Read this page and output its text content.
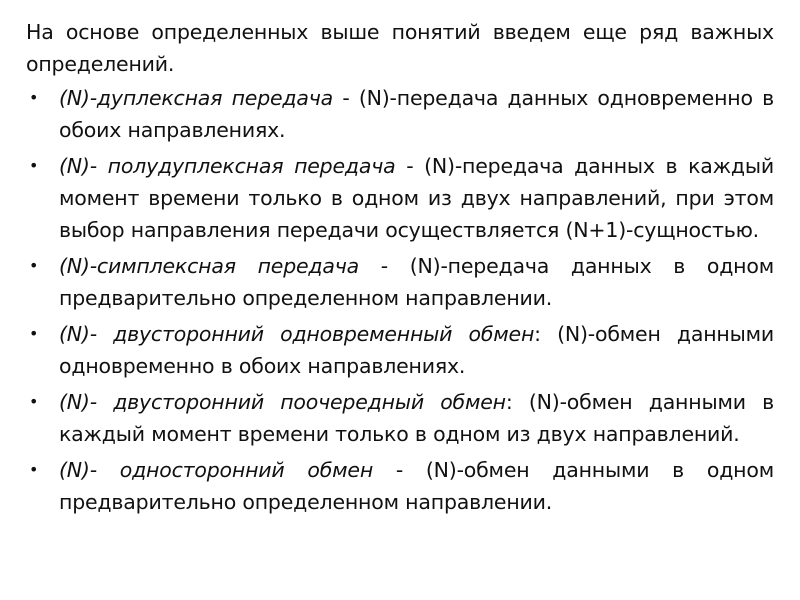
На основе определенных выше понятий введем еще ряд важных определений.

• (N)-дуплексная передача - (N)-передача данных одновременно в обоих направлениях.
• (N)- полудуплексная передача - (N)-передача данных в каждый момент времени только в одном из двух направлений, при этом выбор направления передачи осуществляется (N+1)-сущностью.
• (N)-симплексная передача - (N)-передача данных в одном предварительно определенном направлении.
• (N)- двусторонний одновременный обмен: (N)-обмен данными одновременно в обоих направлениях.
• (N)- двусторонний поочередный обмен: (N)-обмен данными в каждый момент времени только в одном из двух направлений.
• (N)- односторонний обмен - (N)-обмен данными в одном предварительно определенном направлении.
